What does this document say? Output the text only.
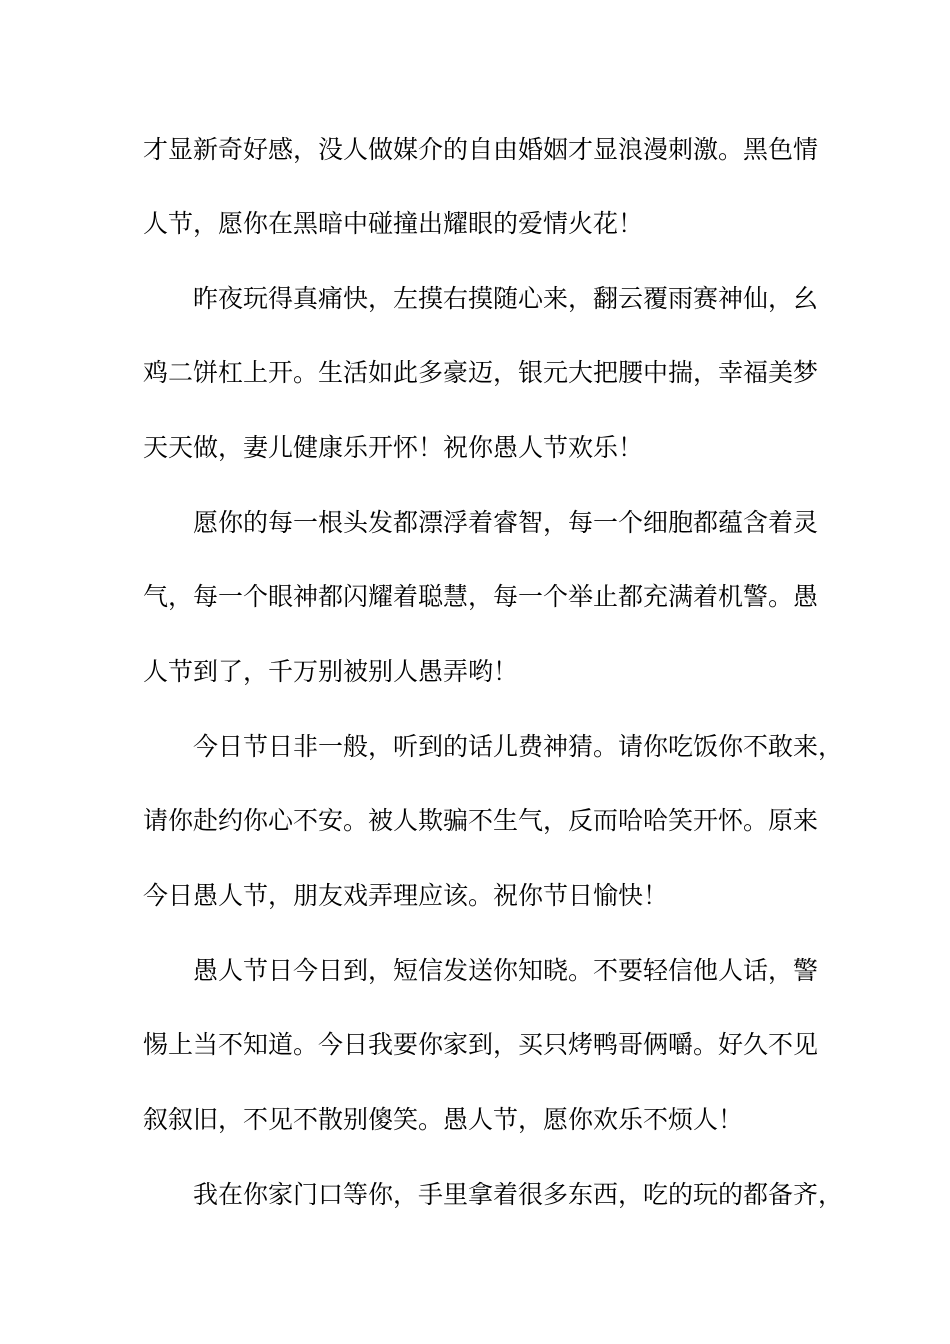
才显新奇好感，没人做媒介的自由婚姻才显浪漫刺激。黑色情
人节，愿你在黑暗中碰撞出耀眼的爱情火花！
昨夜玩得真痛快，左摸右摸随心来，翻云覆雨赛神仙，幺
鸡二饼杠上开。生活如此多豪迈，银元大把腰中揣，幸福美梦
天天做，妻儿健康乐开怀！祝你愚人节欢乐！
愿你的每一根头发都漂浮着睿智，每一个细胞都蕴含着灵
气，每一个眼神都闪耀着聪慧，每一个举止都充满着机警。愚
人节到了，千万别被别人愚弄哟！
今日节日非一般，听到的话儿费神猜。请你吃饭你不敢来，
请你赴约你心不安。被人欺骗不生气，反而哈哈笑开怀。原来
今日愚人节，朋友戏弄理应该。祝你节日愉快！
愚人节日今日到，短信发送你知晓。不要轻信他人话，警
惕上当不知道。今日我要你家到，买只烤鸭哥俩嚼。好久不见
叙叙旧，不见不散别傻笑。愚人节，愿你欢乐不烦人！
我在你家门口等你，手里拿着很多东西，吃的玩的都备齐，
